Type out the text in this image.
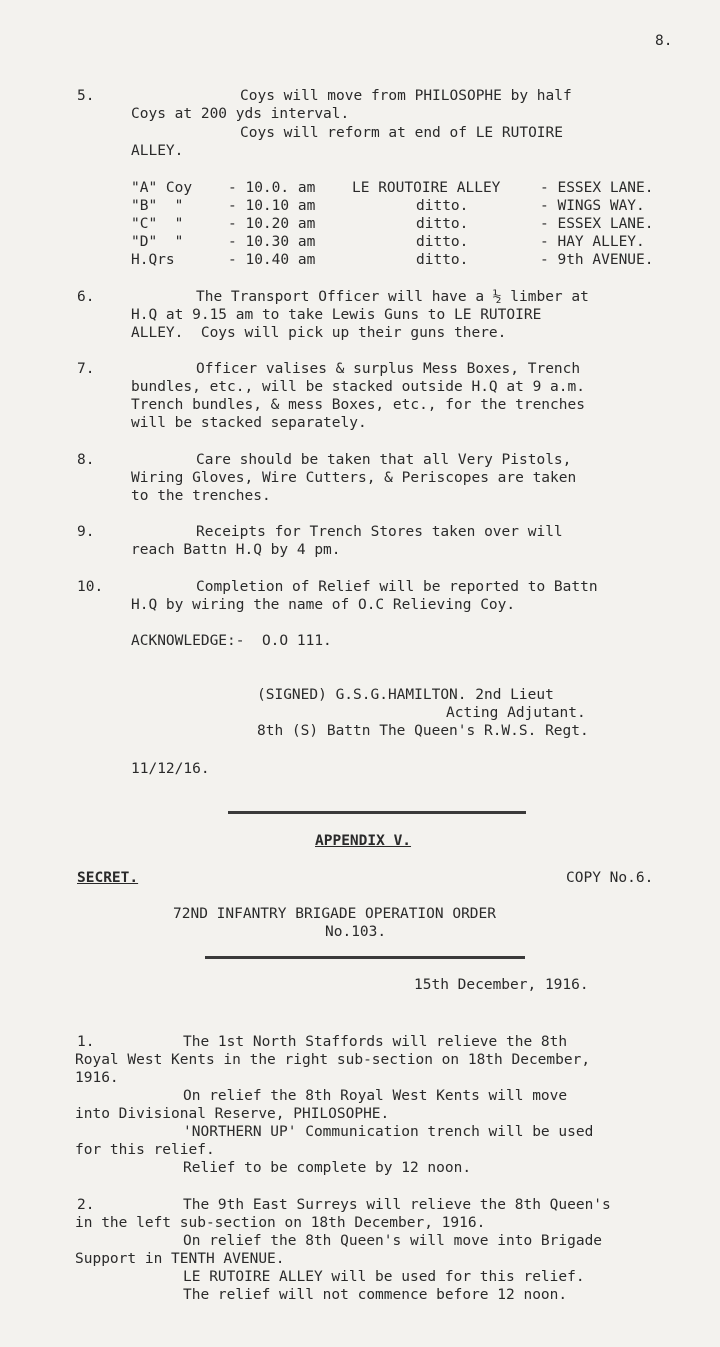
8.
5.	Coys will move from PHILOSOPHE by half
Coys at 200 yds interval.
Coys will reform at end of LE RUTOIRE
ALLEY.
"A" Coy - 10.0. am	LE ROUTOIRE ALLEY	- ESSEX LANE.
"B"  "	- 10.10 am	ditto.	- WINGS WAY.
"C"  "	- 10.20 am	ditto.	- ESSEX LANE.
"D"  "	- 10.30 am	ditto.	- HAY ALLEY.
H.Qrs	- 10.40 am	ditto.	- 9th AVENUE.
6.	The Transport Officer will have a ½ limber at
H.Q at 9.15 am to take Lewis Guns to LE RUTOIRE
ALLEY.  Coys will pick up their guns there.
7.	Officer valises & surplus Mess Boxes, Trench
bundles, etc., will be stacked outside H.Q at 9 a.m.
Trench bundles, & mess Boxes, etc., for the trenches
will be stacked separately.
8.	Care should be taken that all Very Pistols,
Wiring Gloves, Wire Cutters, & Periscopes are taken
to the trenches.
9.	Receipts for Trench Stores taken over will
reach Battn H.Q by 4 pm.
10.	Completion of Relief will be reported to Battn
H.Q by wiring the name of O.C Relieving Coy.
ACKNOWLEDGE:-  O.O 111.
(SIGNED) G.S.G.HAMILTON. 2nd Lieut
Acting Adjutant.
8th (S) Battn The Queen's R.W.S. Regt.
11/12/16.
APPENDIX V.
SECRET.	COPY No.6.
72ND INFANTRY BRIGADE OPERATION ORDER
No.103.
15th December, 1916.
1.	The 1st North Staffords will relieve the 8th
Royal West Kents in the right sub-section on 18th December,
1916.
On relief the 8th Royal West Kents will move
into Divisional Reserve, PHILOSOPHE.
'NORTHERN UP' Communication trench will be used
for this relief.
Relief to be complete by 12 noon.
2.	The 9th East Surreys will relieve the 8th Queen's
in the left sub-section on 18th December, 1916.
On relief the 8th Queen's will move into Brigade
Support in TENTH AVENUE.
LE RUTOIRE ALLEY will be used for this relief.
The relief will not commence before 12 noon.
